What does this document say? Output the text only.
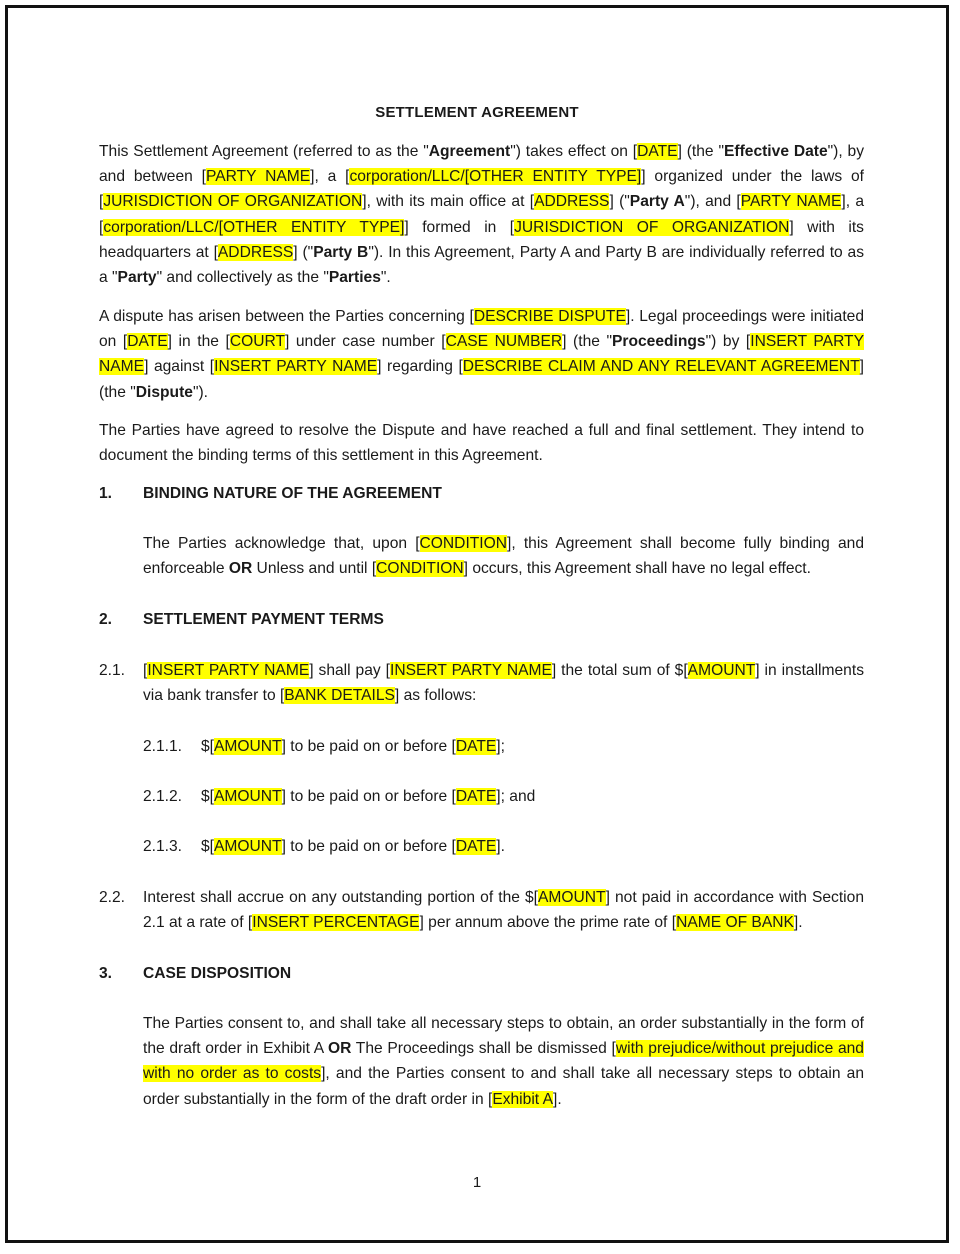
SETTLEMENT AGREEMENT

This Settlement Agreement (referred to as the "Agreement") takes effect on [DATE] (the "Effective Date"), by and between [PARTY NAME], a [corporation/LLC/[OTHER ENTITY TYPE]] organized under the laws of [JURISDICTION OF ORGANIZATION], with its main office at [ADDRESS] ("Party A"), and [PARTY NAME], a [corporation/LLC/[OTHER ENTITY TYPE]] formed in [JURISDICTION OF ORGANIZATION] with its headquarters at [ADDRESS] ("Party B"). In this Agreement, Party A and Party B are individually referred to as a "Party" and collectively as the "Parties".

A dispute has arisen between the Parties concerning [DESCRIBE DISPUTE]. Legal proceedings were initiated on [DATE] in the [COURT] under case number [CASE NUMBER] (the "Proceedings") by [INSERT PARTY NAME] against [INSERT PARTY NAME] regarding [DESCRIBE CLAIM AND ANY RELEVANT AGREEMENT] (the "Dispute").

The Parties have agreed to resolve the Dispute and have reached a full and final settlement. They intend to document the binding terms of this settlement in this Agreement.

1. BINDING NATURE OF THE AGREEMENT

The Parties acknowledge that, upon [CONDITION], this Agreement shall become fully binding and enforceable OR Unless and until [CONDITION] occurs, this Agreement shall have no legal effect.

2. SETTLEMENT PAYMENT TERMS
2.1. [INSERT PARTY NAME] shall pay [INSERT PARTY NAME] the total sum of $[AMOUNT] in installments via bank transfer to [BANK DETAILS] as follows:

2.1.1. $[AMOUNT] to be paid on or before [DATE];
2.1.2. $[AMOUNT] to be paid on or before [DATE]; and
2.1.3. $[AMOUNT] to be paid on or before [DATE].
2.2. Interest shall accrue on any outstanding portion of the $[AMOUNT] not paid in accordance with Section 2.1 at a rate of [INSERT PERCENTAGE] per annum above the prime rate of [NAME OF BANK].

3. CASE DISPOSITION

The Parties consent to, and shall take all necessary steps to obtain, an order substantially in the form of the draft order in Exhibit A OR The Proceedings shall be dismissed [with prejudice/without prejudice and with no order as to costs], and the Parties consent to and shall take all necessary steps to obtain an order substantially in the form of the draft order in [Exhibit A].

1
